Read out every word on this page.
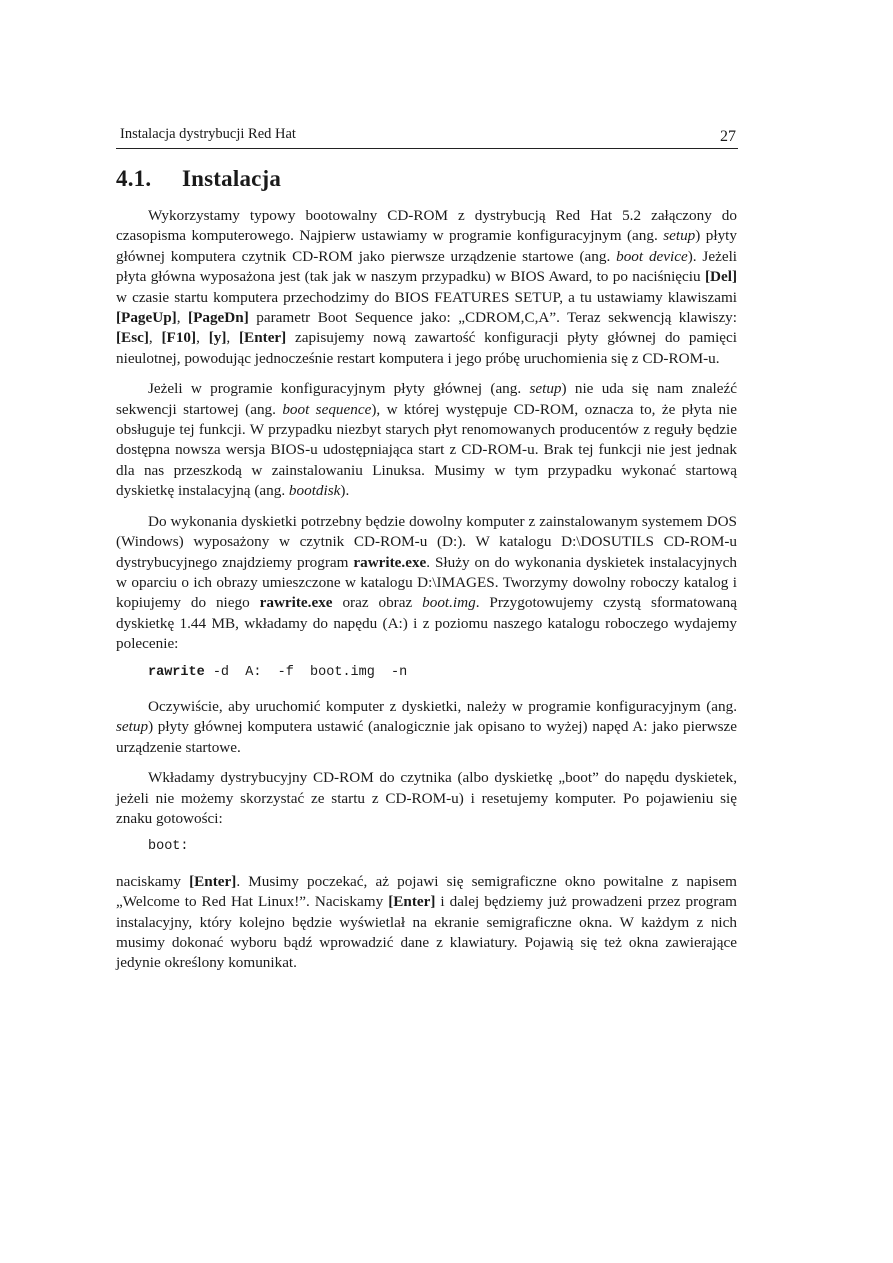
Instalacja dystrybucji Red Hat	27
4.1. Instalacja

Wykorzystamy typowy bootowalny CD-ROM z dystrybucją Red Hat 5.2 załączony do czasopisma komputerowego. Najpierw ustawiamy w programie konfiguracyjnym (ang. setup) płyty głównej komputera czytnik CD-ROM jako pierwsze urządzenie startowe (ang. boot device). Jeżeli płyta główna wyposażona jest (tak jak w naszym przypadku) w BIOS Award, to po naciśnięciu [Del] w czasie startu komputera przechodzimy do BIOS FEATURES SETUP, a tu ustawiamy klawiszami [PageUp], [PageDn] parametr Boot Sequence jako: „CDROM,C,A”. Teraz sekwencją klawiszy: [Esc], [F10], [y], [Enter] zapisujemy nową zawartość konfiguracji płyty głównej do pamięci nieulotnej, powodując jednocześnie restart komputera i jego próbę uruchomienia się z CD-ROM-u.

Jeżeli w programie konfiguracyjnym płyty głównej (ang. setup) nie uda się nam znaleźć sekwencji startowej (ang. boot sequence), w której występuje CD-ROM, oznacza to, że płyta nie obsługuje tej funkcji. W przypadku niezbyt starych płyt renomowanych producentów z reguły będzie dostępna nowsza wersja BIOS-u udostępniająca start z CD-ROM-u. Brak tej funkcji nie jest jednak dla nas przeszkodą w zainstalowaniu Linuksa. Musimy w tym przypadku wykonać startową dyskietkę instalacyjną (ang. bootdisk).

Do wykonania dyskietki potrzebny będzie dowolny komputer z zainstalowanym systemem DOS (Windows) wyposażony w czytnik CD-ROM-u (D:). W katalogu D:\DOSUTILS CD-ROM-u dystrybucyjnego znajdziemy program rawrite.exe. Służy on do wykonania dyskietek instalacyjnych w oparciu o ich obrazy umieszczone w katalogu D:\IMAGES. Tworzymy dowolny roboczy katalog i kopiujemy do niego rawrite.exe oraz obraz boot.img. Przygotowujemy czystą sformatowaną dyskietkę 1.44 MB, wkładamy do napędu (A:) i z poziomu naszego katalogu roboczego wydajemy polecenie:

rawrite -d  A:  -f  boot.img  -n

Oczywiście, aby uruchomić komputer z dyskietki, należy w programie konfiguracyjnym (ang. setup) płyty głównej komputera ustawić (analogicznie jak opisano to wyżej) napęd A: jako pierwsze urządzenie startowe.

Wkładamy dystrybucyjny CD-ROM do czytnika (albo dyskietkę „boot” do napędu dyskietek, jeżeli nie możemy skorzystać ze startu z CD-ROM-u) i resetujemy komputer. Po pojawieniu się znaku gotowości:

boot:

naciskamy [Enter]. Musimy poczekać, aż pojawi się semigraficzne okno powitalne z napisem „Welcome to Red Hat Linux!”. Naciskamy [Enter] i dalej będziemy już prowadzeni przez program instalacyjny, który kolejno będzie wyświetlał na ekranie semigraficzne okna. W każdym z nich musimy dokonać wyboru bądź wprowadzić dane z klawiatury. Pojawią się też okna zawierające jedynie określony komunikat.
